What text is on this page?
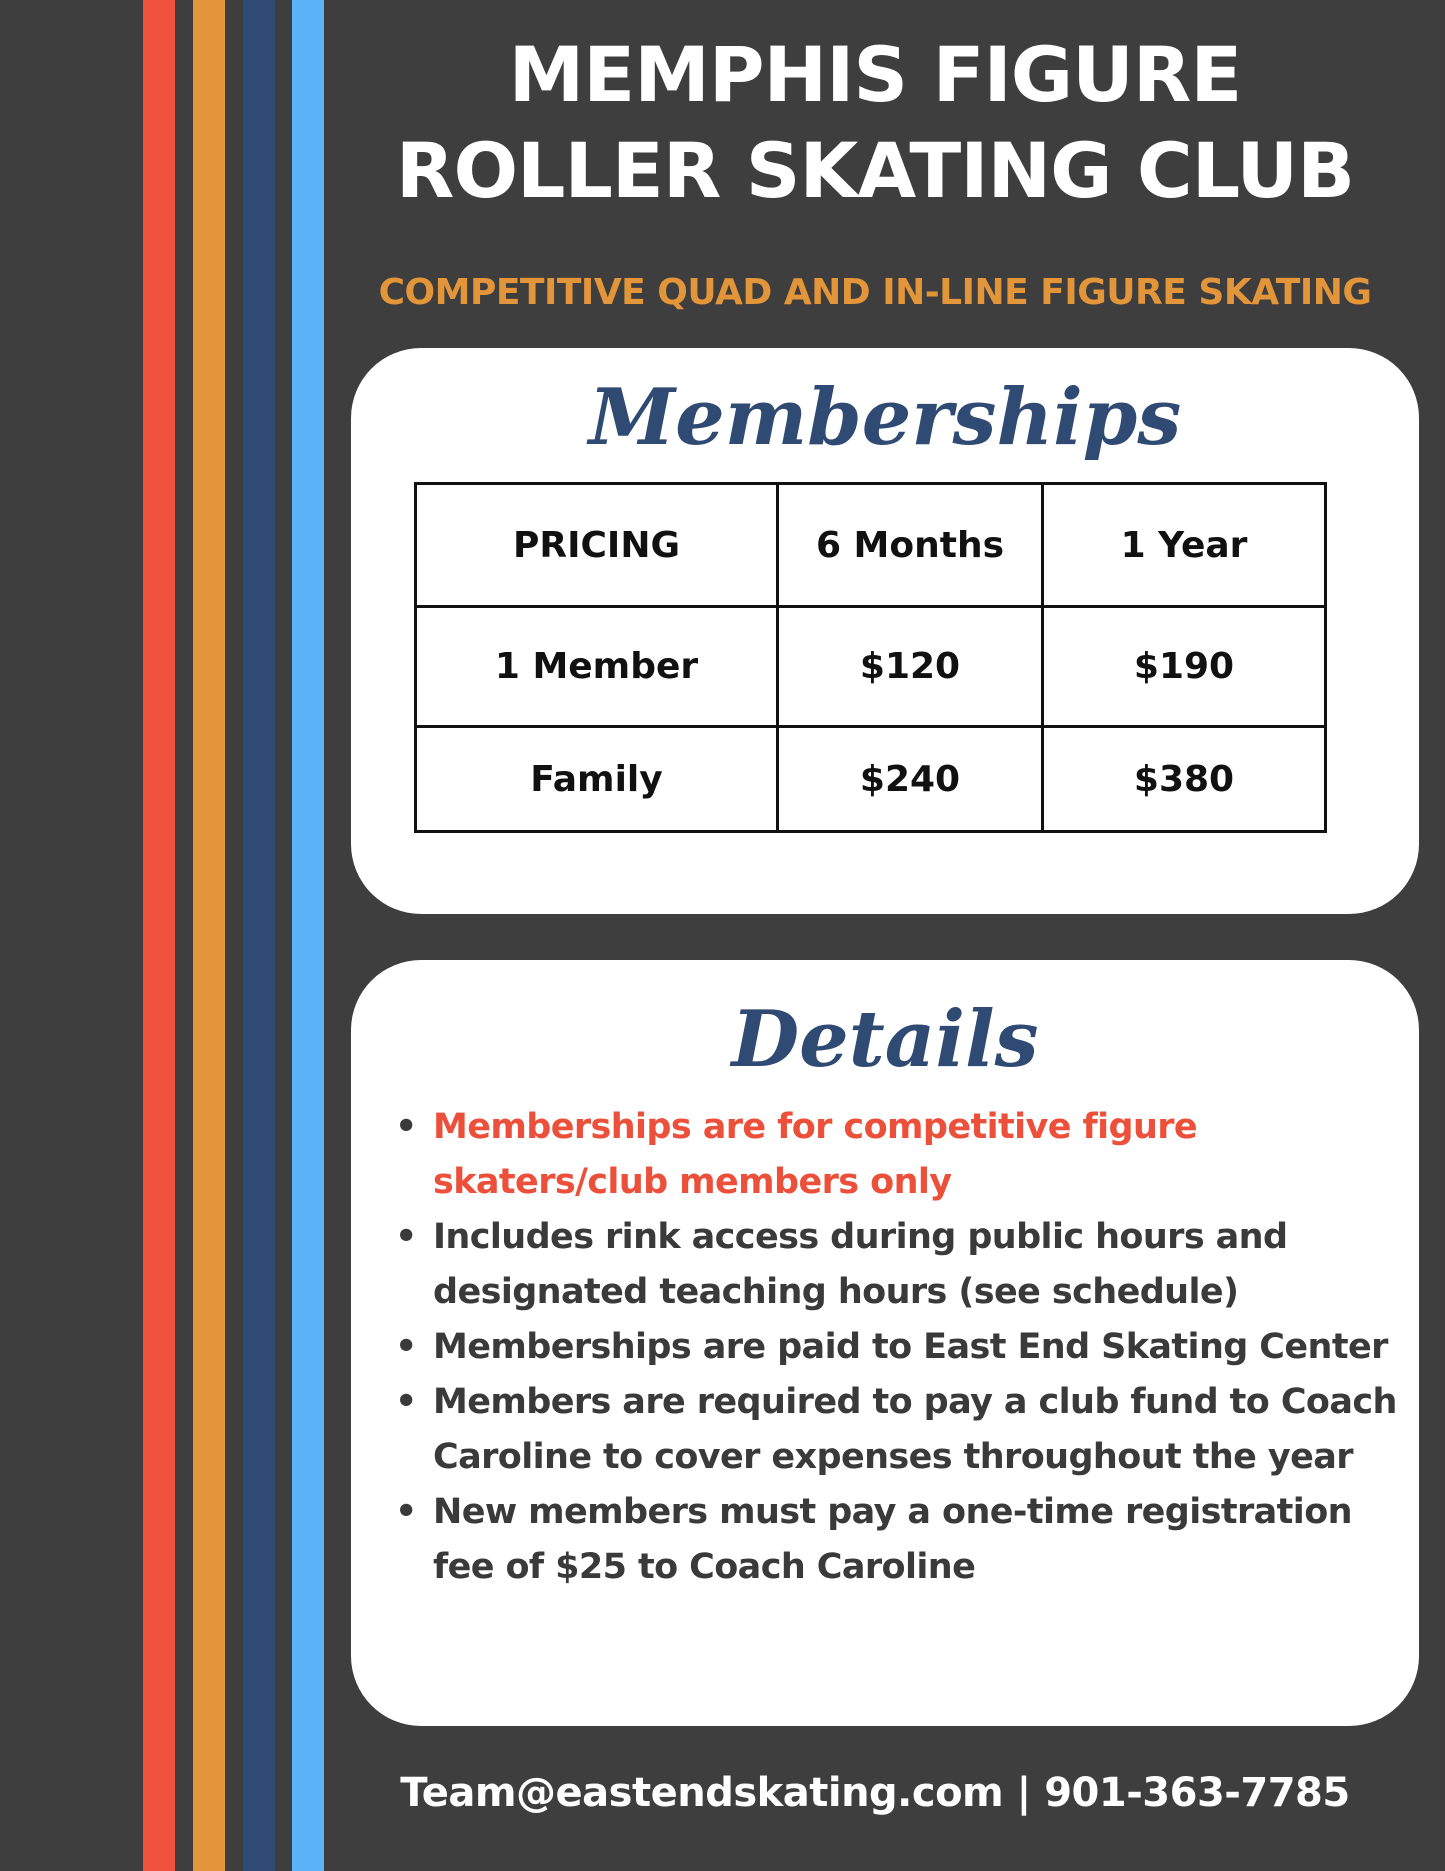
MEMPHIS FIGURE
ROLLER SKATING CLUB
COMPETITIVE QUAD AND IN-LINE FIGURE SKATING
Memberships
PRICING	6 Months	1 Year
1 Member	$120	$190
Family	$240	$380
Details
• Memberships are for competitive figure skaters/club members only
• Includes rink access during public hours and designated teaching hours (see schedule)
• Memberships are paid to East End Skating Center
• Members are required to pay a club fund to Coach Caroline to cover expenses throughout the year
• New members must pay a one-time registration fee of $25 to Coach Caroline
Team@eastendskating.com | 901-363-7785
